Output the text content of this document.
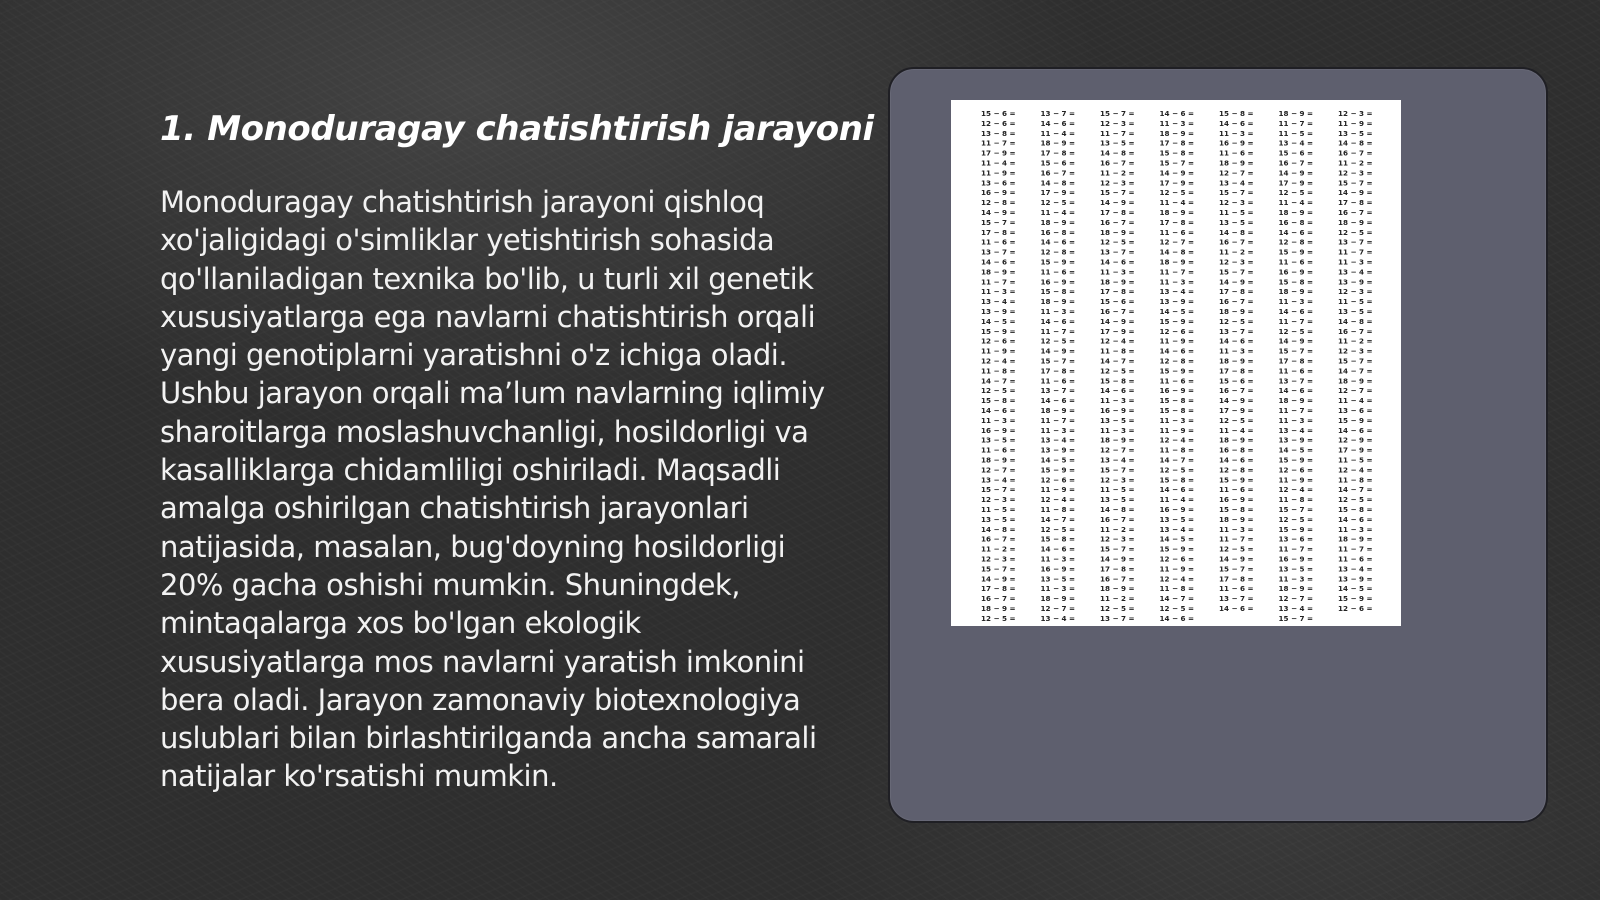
1. Monoduragay chatishtirish jarayoni

Monoduragay chatishtirish jarayoni qishloq xo'jaligidagi o'simliklar yetishtirish sohasida qo'llaniladigan texnika bo'lib, u turli xil genetik xususiyatlarga ega navlarni chatishtirish orqali yangi genotiplarni yaratishni o'z ichiga oladi. Ushbu jarayon orqali ma’lum navlarning iqlimiy sharoitlarga moslashuvchanligi, hosildorligi va kasalliklarga chidamliligi oshiriladi. Maqsadli amalga oshirilgan chatishtirish jarayonlari natijasida, masalan, bug'doyning hosildorligi 20% gacha oshishi mumkin. Shuningdek, mintaqalarga xos bo'lgan ekologik xususiyatlarga mos navlarni yaratish imkonini bera oladi. Jarayon zamonaviy biotexnologiya uslublari bilan birlashtirilganda ancha samarali natijalar ko'rsatishi mumkin.

15 − 6 =
12 − 6 =
13 − 8 =
11 − 7 =
17 − 9 =
11 − 4 =
11 − 9 =
13 − 6 =
16 − 9 =
12 − 8 =
14 − 9 =
15 − 7 =
17 − 8 =
11 − 6 =
13 − 7 =
14 − 6 =
18 − 9 =
11 − 7 =
11 − 3 =
13 − 4 =
13 − 9 =
14 − 5 =
15 − 9 =
12 − 6 =
11 − 9 =
12 − 4 =
11 − 8 =
14 − 7 =
12 − 5 =
15 − 8 =
14 − 6 =
11 − 3 =
16 − 9 =
13 − 5 =
11 − 6 =
18 − 9 =
12 − 7 =
13 − 4 =
15 − 7 =
12 − 3 =
11 − 5 =
13 − 5 =
14 − 8 =
16 − 7 =
11 − 2 =
12 − 3 =
15 − 7 =
14 − 9 =
17 − 8 =
16 − 7 =
18 − 9 =
12 − 5 =
13 − 7 =
14 − 6 =
11 − 4 =
18 − 9 =
17 − 8 =
15 − 6 =
16 − 7 =
14 − 8 =
17 − 9 =
12 − 5 =
11 − 4 =
18 − 9 =
16 − 8 =
14 − 6 =
12 − 8 =
15 − 9 =
11 − 6 =
16 − 9 =
15 − 8 =
18 − 9 =
11 − 3 =
14 − 6 =
11 − 7 =
12 − 5 =
14 − 9 =
15 − 7 =
17 − 8 =
11 − 6 =
13 − 7 =
14 − 6 =
18 − 9 =
11 − 7 =
11 − 3 =
13 − 4 =
13 − 9 =
14 − 5 =
15 − 9 =
12 − 6 =
11 − 9 =
12 − 4 =
11 − 8 =
14 − 7 =
12 − 5 =
15 − 8 =
14 − 6 =
11 − 3 =
16 − 9 =
13 − 5 =
11 − 3 =
18 − 9 =
12 − 7 =
13 − 4 =
15 − 7 =
12 − 3 =
11 − 7 =
13 − 5 =
14 − 8 =
16 − 7 =
11 − 2 =
12 − 3 =
15 − 7 =
14 − 9 =
17 − 8 =
16 − 7 =
18 − 9 =
12 − 5 =
13 − 7 =
14 − 6 =
11 − 3 =
18 − 9 =
17 − 8 =
15 − 6 =
16 − 7 =
14 − 9 =
17 − 9 =
12 − 4 =
11 − 8 =
14 − 7 =
12 − 5 =
15 − 8 =
14 − 6 =
11 − 3 =
16 − 9 =
13 − 5 =
11 − 3 =
18 − 9 =
12 − 7 =
13 − 4 =
15 − 7 =
12 − 3 =
11 − 5 =
13 − 5 =
14 − 8 =
16 − 7 =
11 − 2 =
12 − 3 =
15 − 7 =
14 − 9 =
17 − 8 =
16 − 7 =
18 − 9 =
11 − 2 =
12 − 5 =
13 − 7 =
14 − 6 =
11 − 3 =
18 − 9 =
17 − 8 =
15 − 8 =
15 − 7 =
14 − 9 =
17 − 9 =
12 − 5 =
11 − 4 =
18 − 9 =
17 − 8 =
11 − 6 =
12 − 7 =
14 − 8 =
18 − 9 =
11 − 7 =
11 − 3 =
13 − 4 =
13 − 9 =
14 − 5 =
15 − 9 =
12 − 6 =
11 − 9 =
14 − 6 =
12 − 8 =
15 − 9 =
11 − 6 =
16 − 9 =
15 − 8 =
15 − 8 =
11 − 3 =
11 − 9 =
12 − 4 =
11 − 8 =
14 − 7 =
12 − 5 =
15 − 8 =
14 − 6 =
11 − 4 =
16 − 9 =
13 − 5 =
13 − 4 =
14 − 5 =
15 − 9 =
12 − 6 =
11 − 9 =
12 − 4 =
11 − 8 =
14 − 7 =
12 − 5 =
14 − 6 =
15 − 8 =
14 − 6 =
11 − 3 =
16 − 9 =
11 − 6 =
18 − 9 =
12 − 7 =
13 − 4 =
15 − 7 =
12 − 3 =
11 − 5 =
13 − 5 =
14 − 8 =
16 − 7 =
11 − 2 =
12 − 3 =
15 − 7 =
14 − 9 =
17 − 8 =
16 − 7 =
18 − 9 =
12 − 5 =
13 − 7 =
14 − 6 =
11 − 3 =
18 − 9 =
17 − 8 =
15 − 6 =
16 − 7 =
14 − 9 =
17 − 9 =
12 − 5 =
11 − 4 =
18 − 9 =
16 − 8 =
14 − 6 =
12 − 8 =
15 − 9 =
11 − 6 =
16 − 9 =
15 − 8 =
18 − 9 =
11 − 3 =
11 − 7 =
12 − 5 =
14 − 9 =
15 − 7 =
17 − 8 =
11 − 6 =
13 − 7 =
14 − 6 =
18 − 9 =
11 − 7 =
11 − 5 =
13 − 4 =
15 − 6 =
16 − 7 =
14 − 9 =
17 − 9 =
12 − 5 =
11 − 4 =
18 − 9 =
16 − 8 =
14 − 6 =
12 − 8 =
15 − 9 =
11 − 6 =
16 − 9 =
15 − 8 =
18 − 9 =
11 − 3 =
14 − 6 =
11 − 7 =
12 − 5 =
14 − 9 =
15 − 7 =
17 − 8 =
11 − 6 =
13 − 7 =
14 − 6 =
18 − 9 =
11 − 7 =
11 − 3 =
13 − 4 =
13 − 9 =
14 − 5 =
15 − 9 =
12 − 6 =
11 − 9 =
12 − 4 =
11 − 8 =
15 − 7 =
12 − 5 =
15 − 9 =
13 − 6 =
11 − 7 =
16 − 9 =
13 − 5 =
11 − 3 =
18 − 9 =
12 − 7 =
13 − 4 =
15 − 7 =
12 − 3 =
11 − 9 =
13 − 5 =
14 − 8 =
16 − 7 =
11 − 2 =
12 − 3 =
15 − 7 =
14 − 9 =
17 − 8 =
16 − 7 =
18 − 9 =
12 − 5 =
13 − 7 =
11 − 7 =
11 − 3 =
13 − 4 =
13 − 9 =
12 − 3 =
11 − 5 =
13 − 5 =
14 − 8 =
16 − 7 =
11 − 2 =
12 − 3 =
15 − 7 =
14 − 7 =
18 − 9 =
12 − 7 =
11 − 4 =
13 − 6 =
15 − 9 =
14 − 6 =
12 − 9 =
17 − 9 =
11 − 5 =
12 − 4 =
11 − 8 =
14 − 7 =
12 − 5 =
15 − 8 =
14 − 6 =
11 − 3 =
18 − 9 =
11 − 7 =
11 − 6 =
13 − 4 =
13 − 9 =
14 − 5 =
15 − 9 =
12 − 6 =
